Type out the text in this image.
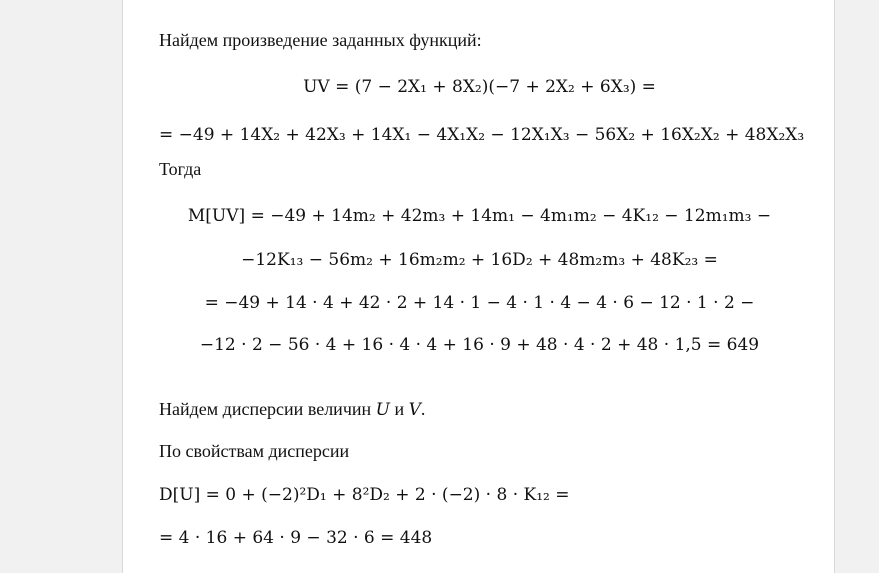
Найдем произведение заданных функций:
UV = (7 − 2X₁ + 8X₂)(−7 + 2X₂ + 6X₃) =
= −49 + 14X₂ + 42X₃ + 14X₁ − 4X₁X₂ − 12X₁X₃ − 56X₂ + 16X₂X₂ + 48X₂X₃
Тогда
M[UV] = −49 + 14m₂ + 42m₃ + 14m₁ − 4m₁m₂ − 4K₁₂ − 12m₁m₃ −
−12K₁₃ − 56m₂ + 16m₂m₂ + 16D₂ + 48m₂m₃ + 48K₂₃ =
= −49 + 14 · 4 + 42 · 2 + 14 · 1 − 4 · 1 · 4 − 4 · 6 − 12 · 1 · 2 −
−12 · 2 − 56 · 4 + 16 · 4 · 4 + 16 · 9 + 48 · 4 · 2 + 48 · 1,5 = 649
Найдем дисперсии величин U и V.
По свойствам дисперсии
D[U] = 0 + (−2)²D₁ + 8²D₂ + 2 · (−2) · 8 · K₁₂ =
= 4 · 16 + 64 · 9 − 32 · 6 = 448
